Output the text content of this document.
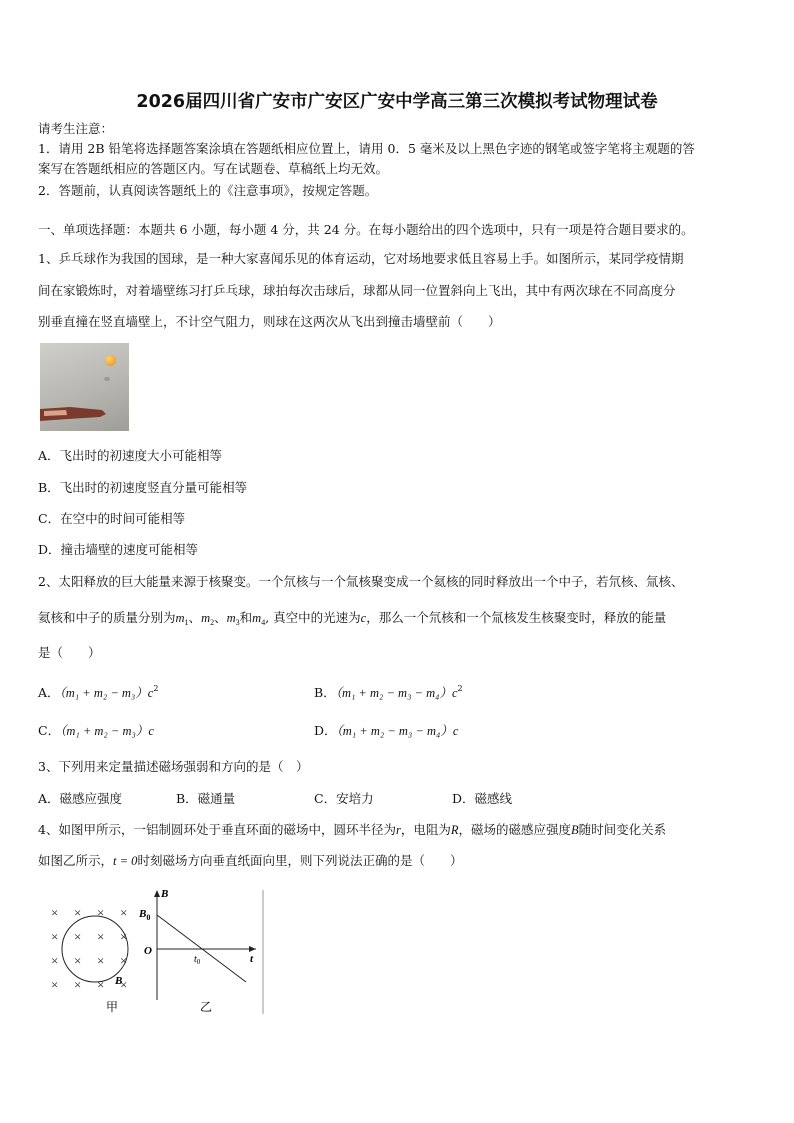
2026届四川省广安市广安区广安中学高三第三次模拟考试物理试卷
请考生注意：
1．请用 2B 铅笔将选择题答案涂填在答题纸相应位置上，请用 0．5 毫米及以上黑色字迹的钢笔或签字笔将主观题的答
案写在答题纸相应的答题区内。写在试题卷、草稿纸上均无效。
2．答题前，认真阅读答题纸上的《注意事项》，按规定答题。
一、单项选择题：本题共 6 小题，每小题 4 分，共 24 分。在每小题给出的四个选项中，只有一项是符合题目要求的。
1、乒乓球作为我国的国球，是一种大家喜闻乐见的体育运动，它对场地要求低且容易上手。如图所示，某同学疫情期
间在家锻炼时，对着墙壁练习打乒乓球，球拍每次击球后，球都从同一位置斜向上飞出，其中有两次球在不同高度分
别垂直撞在竖直墙壁上，不计空气阻力，则球在这两次从飞出到撞击墙壁前（　　）
A．飞出时的初速度大小可能相等
B．飞出时的初速度竖直分量可能相等
C．在空中的时间可能相等
D．撞击墙壁的速度可能相等
2、太阳释放的巨大能量来源于核聚变。一个氘核与一个氚核聚变成一个氦核的同时释放出一个中子，若氘核、氚核、
氦核和中子的质量分别为$m_1$、$m_2$、$m_3$和$m_4$, 真空中的光速为c，那么一个氘核和一个氚核发生核聚变时，释放的能量
是（　　）
A．$(m_1 + m_2 - m_3)c^2$	B．$(m_1 + m_2 - m_3 - m_4)c^2$
C．（m₁ + m₂ − m₃）c	D．（m₁ + m₂ − m₃ − m₄）c
3、下列用来定量描述磁场强弱和方向的是（　）
A．磁感应强度	B．磁通量	C．安培力	D．磁感线
4、如图甲所示，一铝制圆环处于垂直环面的磁场中，圆环半径为r，电阻为R，磁场的磁感应强度B随时间变化关系
如图乙所示，t = 0时刻磁场方向垂直纸面向里，则下列说法正确的是（　　）
× × × ×
× × × ×
× × × ×
× × × ×
B
甲
B
$B_0$
O
$t_0$	t
乙
